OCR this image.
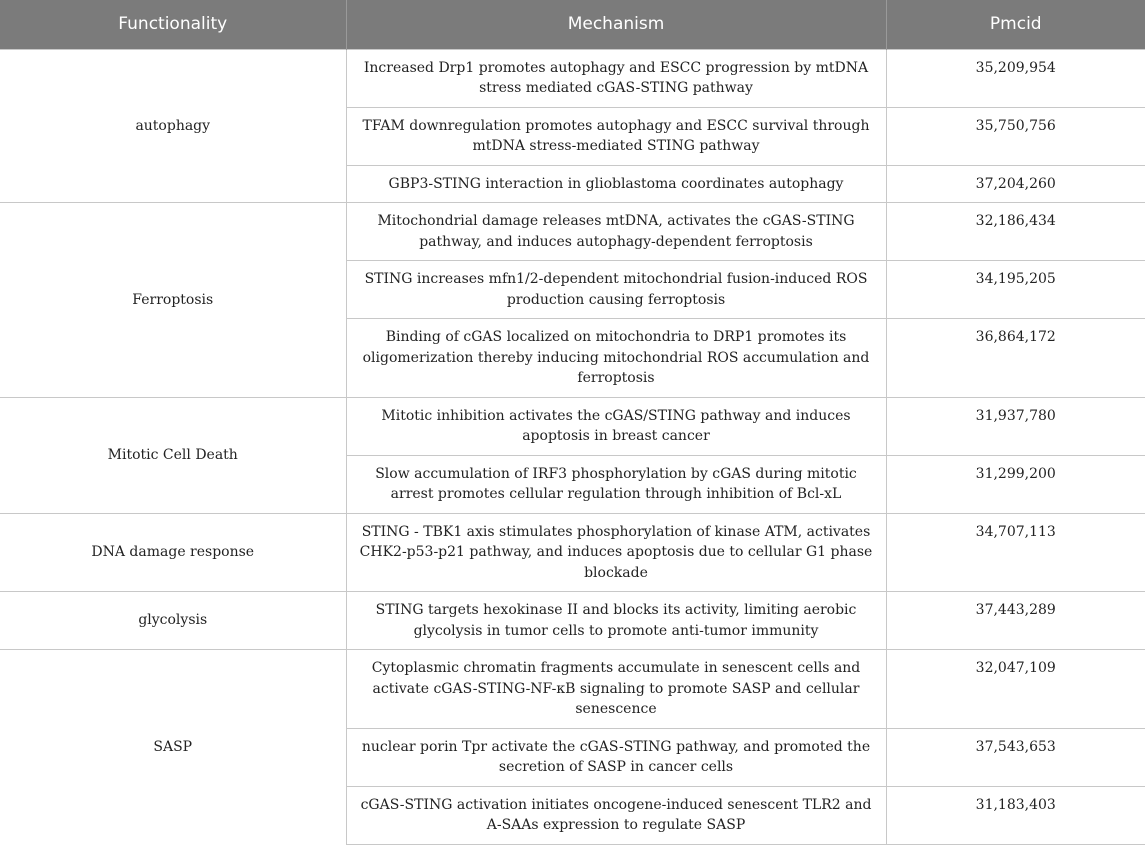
Functionality	Mechanism	Pmcid
autophagy	Increased Drp1 promotes autophagy and ESCC progression by mtDNA stress mediated cGAS-STING pathway	35,209,954
	TFAM downregulation promotes autophagy and ESCC survival through mtDNA stress-mediated STING pathway	35,750,756
	GBP3-STING interaction in glioblastoma coordinates autophagy	37,204,260
Ferroptosis	Mitochondrial damage releases mtDNA, activates the cGAS-STING pathway, and induces autophagy-dependent ferroptosis	32,186,434
	STING increases mfn1/2-dependent mitochondrial fusion-induced ROS production causing ferroptosis	34,195,205
	Binding of cGAS localized on mitochondria to DRP1 promotes its oligomerization thereby inducing mitochondrial ROS accumulation and ferroptosis	36,864,172
Mitotic Cell Death	Mitotic inhibition activates the cGAS/STING pathway and induces apoptosis in breast cancer	31,937,780
	Slow accumulation of IRF3 phosphorylation by cGAS during mitotic arrest promotes cellular regulation through inhibition of Bcl-xL	31,299,200
DNA damage response	STING - TBK1 axis stimulates phosphorylation of kinase ATM, activates CHK2-p53-p21 pathway, and induces apoptosis due to cellular G1 phase blockade	34,707,113
glycolysis	STING targets hexokinase II and blocks its activity, limiting aerobic glycolysis in tumor cells to promote anti-tumor immunity	37,443,289
SASP	Cytoplasmic chromatin fragments accumulate in senescent cells and activate cGAS-STING-NF-κB signaling to promote SASP and cellular senescence	32,047,109
	nuclear porin Tpr activate the cGAS-STING pathway, and promoted the secretion of SASP in cancer cells	37,543,653
	cGAS-STING activation initiates oncogene-induced senescent TLR2 and A-SAAs expression to regulate SASP	31,183,403
